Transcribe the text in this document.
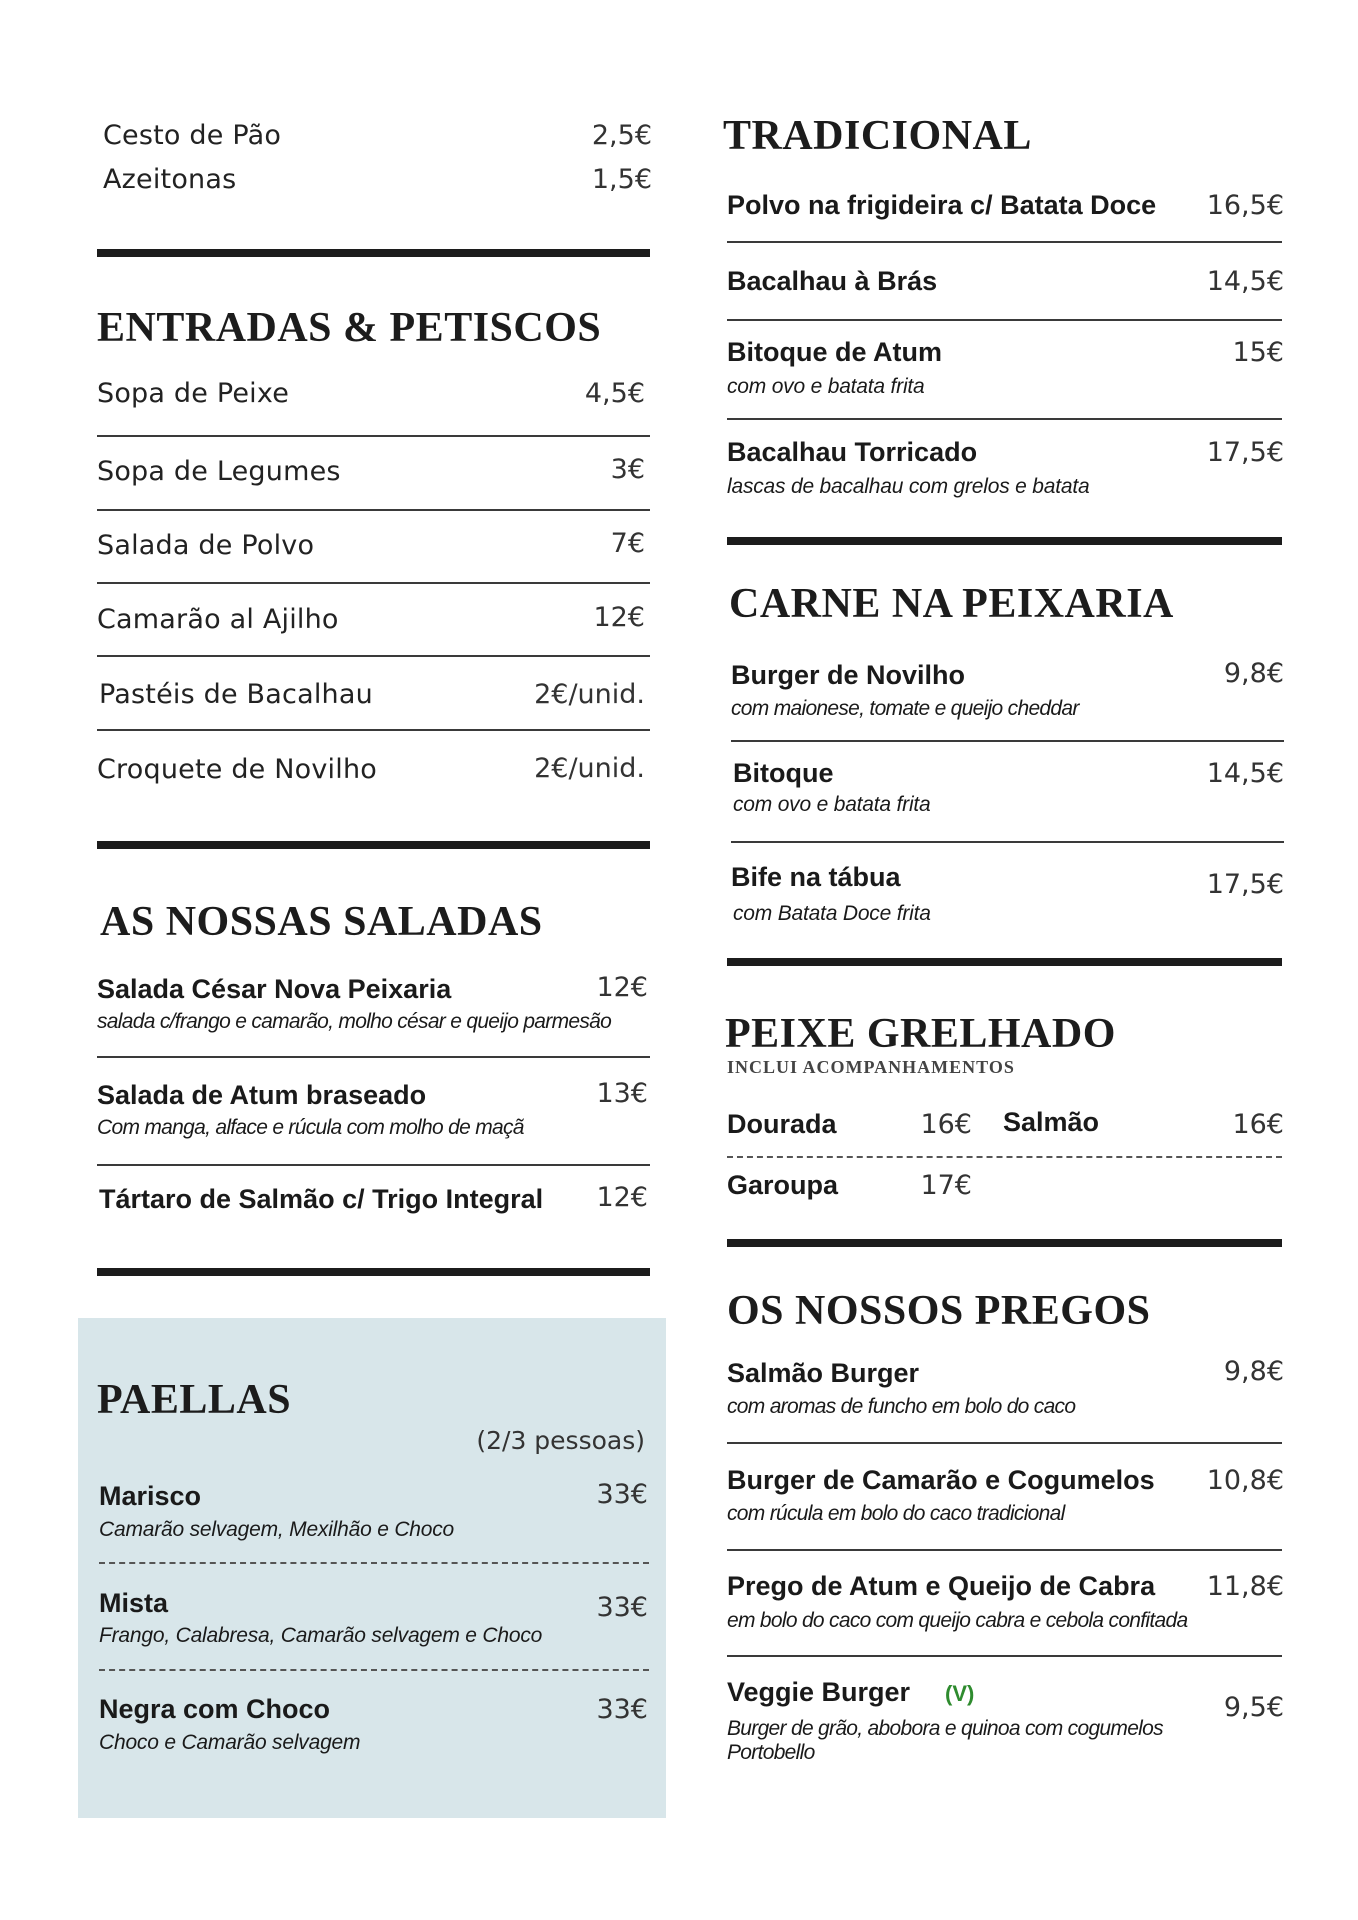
Cesto de Pão	2,5€
Azeitonas	1,5€
ENTRADAS & PETISCOS
Sopa de Peixe	4,5€
Sopa de Legumes	3€
Salada de Polvo	7€
Camarão al Ajilho	12€
Pastéis de Bacalhau	2€/unid.
Croquete de Novilho	2€/unid.
AS NOSSAS SALADAS
Salada César Nova Peixaria	12€
salada c/frango e camarão, molho césar e queijo parmesão
Salada de Atum braseado	13€
Com manga, alface e rúcula com molho de maçã
Tártaro de Salmão c/ Trigo Integral	12€
PAELLAS
(2/3 pessoas)
Marisco	33€
Camarão selvagem, Mexilhão e Choco
Mista	33€
Frango, Calabresa, Camarão selvagem e Choco
Negra com Choco	33€
Choco e Camarão selvagem
TRADICIONAL
Polvo na frigideira c/ Batata Doce	16,5€
Bacalhau à Brás	14,5€
Bitoque de Atum	15€
com ovo e batata frita
Bacalhau Torricado	17,5€
lascas de bacalhau com grelos e batata
CARNE NA PEIXARIA
Burger de Novilho	9,8€
com maionese, tomate e queijo cheddar
Bitoque	14,5€
com ovo e batata frita
Bife na tábua	17,5€
com Batata Doce frita
PEIXE GRELHADO
INCLUI ACOMPANHAMENTOS
Dourada	16€ Salmão	16€
Garoupa	17€
OS NOSSOS PREGOS
Salmão Burger	9,8€
com aromas de funcho em bolo do caco
Burger de Camarão e Cogumelos	10,8€
com rúcula em bolo do caco tradicional
Prego de Atum e Queijo de Cabra	11,8€
em bolo do caco com queijo cabra e cebola confitada
Veggie Burger (V)	9,5€
Burger de grão, abobora e quinoa com cogumelos
Portobello
